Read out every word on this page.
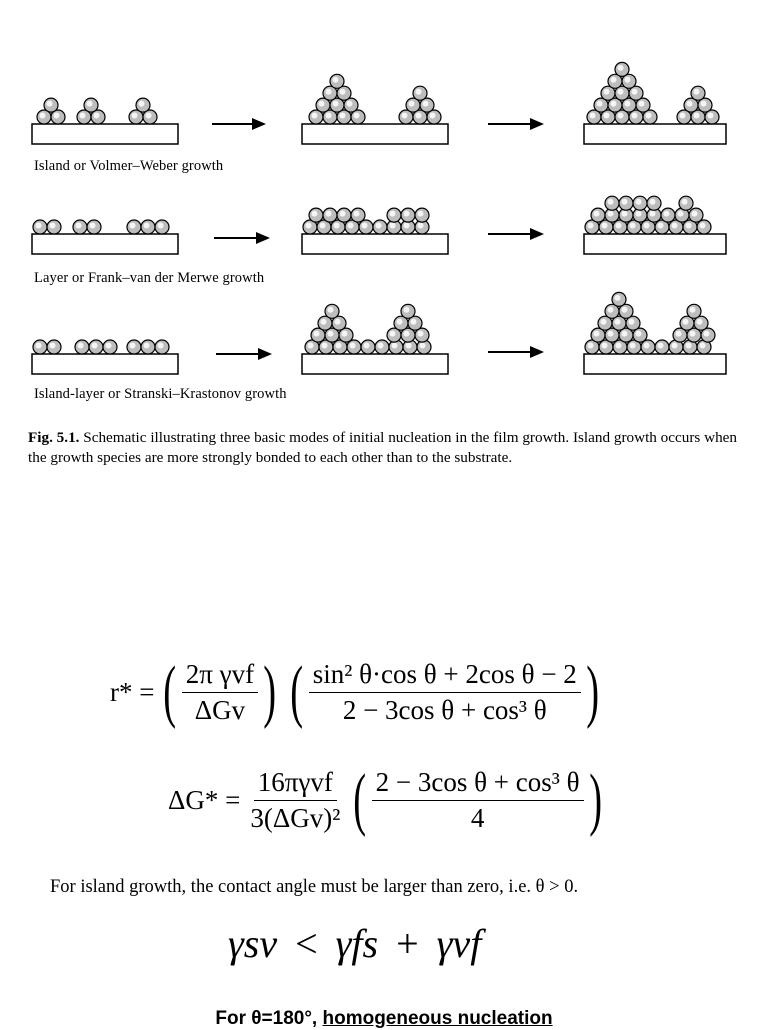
Island or Volmer–Weber growth
Layer or Frank–van der Merwe growth
Island-layer or Stranski–Krastonov growth
Fig. 5.1. Schematic illustrating three basic modes of initial nucleation in the film growth. Island growth occurs when the growth species are more strongly bonded to each other than to the substrate.
r* = ( $\frac{\text{2π γvf}}{\text{ΔGv}}$ ) ( $\frac{\text{sin² θ·cos θ + 2cos θ − 2}}{\text{2 − 3cos θ + cos³ θ}}$ )
$\Delta G* = \frac{\text{16πγvf}}{\text{3(ΔGv)²}}$ ( $\frac{\text{2 − 3cos θ + cos³ θ}}{4}$ )
For island growth, the contact angle must be larger than zero, i.e. θ > 0.
γsv < γfs + γvf
For θ=180°, homogeneous nucleation
